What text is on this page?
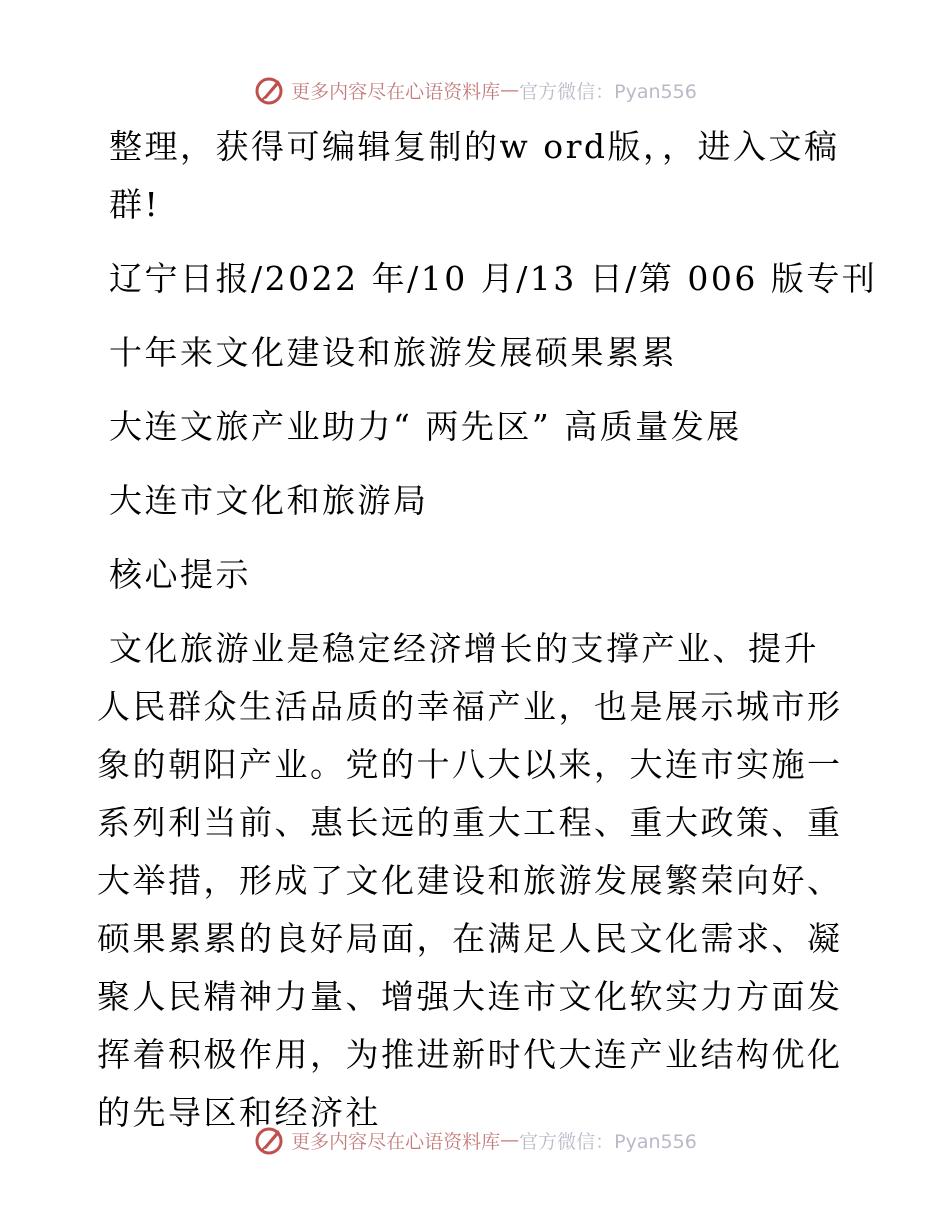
更多内容尽在心语资料库 — 官方微信：Pyan556
整理，获得可编辑复制的w ord版，，进入文稿群!
辽宁日报/2022 年/10 月/13 日/第 006 版专刊
十年来文化建设和旅游发展硕果累累
大连文旅产业助力“ 两先区” 高质量发展
大连市文化和旅游局
核心提示
文化旅游业是稳定经济增长的支撑产业、提升人民群众生活品质的幸福产业，也是展示城市形象的朝阳产业。党的十八大以来，大连市实施一系列利当前、惠长远的重大工程、重大政策、重大举措，形成了文化建设和旅游发展繁荣向好、硕果累累的良好局面，在满足人民文化需求、凝聚人民精神力量、增强大连市文化软实力方面发挥着积极作用，为推进新时代大连产业结构优化的先导区和经济社
更多内容尽在心语资料库 — 官方微信：Pyan556
